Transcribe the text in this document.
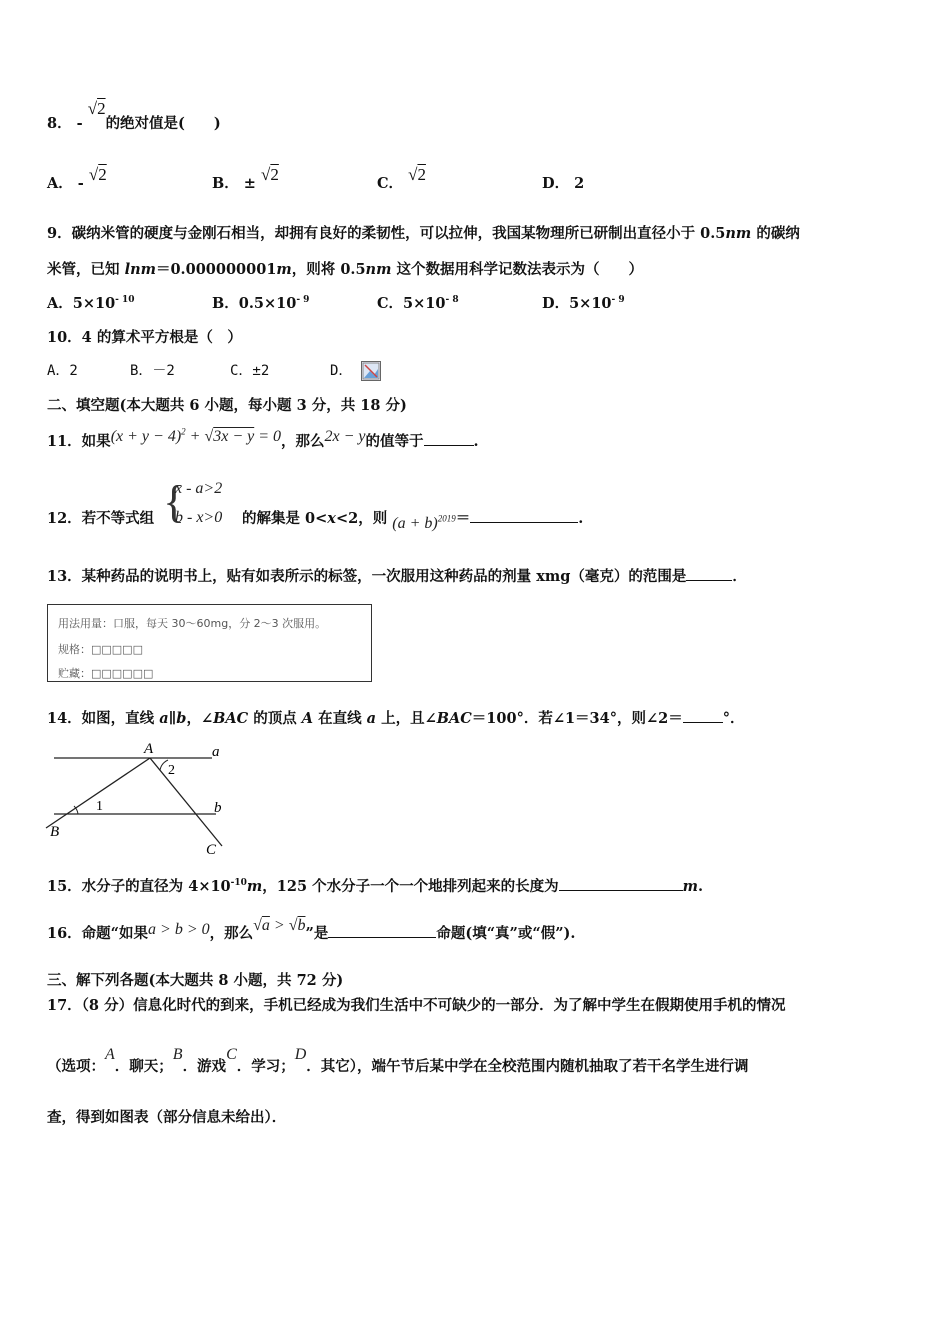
8． - √2的绝对值是(　　)
A． - √2	B． ± √2	C． √2	D． 2
9．碳纳米管的硬度与金刚石相当，却拥有良好的柔韧性，可以拉伸，我国某物理所已研制出直径小于 0.5nm 的碳纳
米管，已知 lnm＝0.000000001m，则将 0.5nm 这个数据用科学记数法表示为（　　）
A．$5\times 10^{- 10}$	B．$0.5\times 10^{- 9}$	C．$5\times 10^{- 8}$	D．$5\times 10^{- 9}$
10．4 的算术平方根是（　）
A．2	B．－2	C．±2	D．
二、填空题(本大题共 6 小题，每小题 3 分，共 18 分)
11．如果$(x + y - 4)^2 + √3x - y = 0$，那么2x − y的值等于	.
12．若不等式组 {
x - a>2
b - x>0 的解集是 0<x<2，则 $(a + b)^{2019}=$	.
13．某种药品的说明书上，贴有如表所示的标签，一次服用这种药品的剂量 xmg（毫克）的范围是	．
用法用量：口服，每天 30～60mg，分 2～3 次服用。
规格：□□□□□
贮藏：□□□□□□
14．如图，直线 a∥b，∠BAC 的顶点 A 在直线 a 上，且∠BAC＝100°．若∠1＝34°，则∠2＝	°．
A	a
2
1	b
B
C
15．水分子的直径为 $4\times 10^{-10}m$，125 个水分子一个一个地排列起来的长度为	m.
16．命题“如果a > b > 0，那么√a > √b”是	命题(填“真”或“假”).
三、解下列各题(本大题共 8 小题，共 72 分)
17．（8 分）信息化时代的到来，手机已经成为我们生活中不可缺少的一部分．为了解中学生在假期使用手机的情况
（选项：A．聊天；B．游戏C．学习；D．其它），端午节后某中学在全校范围内随机抽取了若干名学生进行调
查，得到如图表（部分信息未给出）．
